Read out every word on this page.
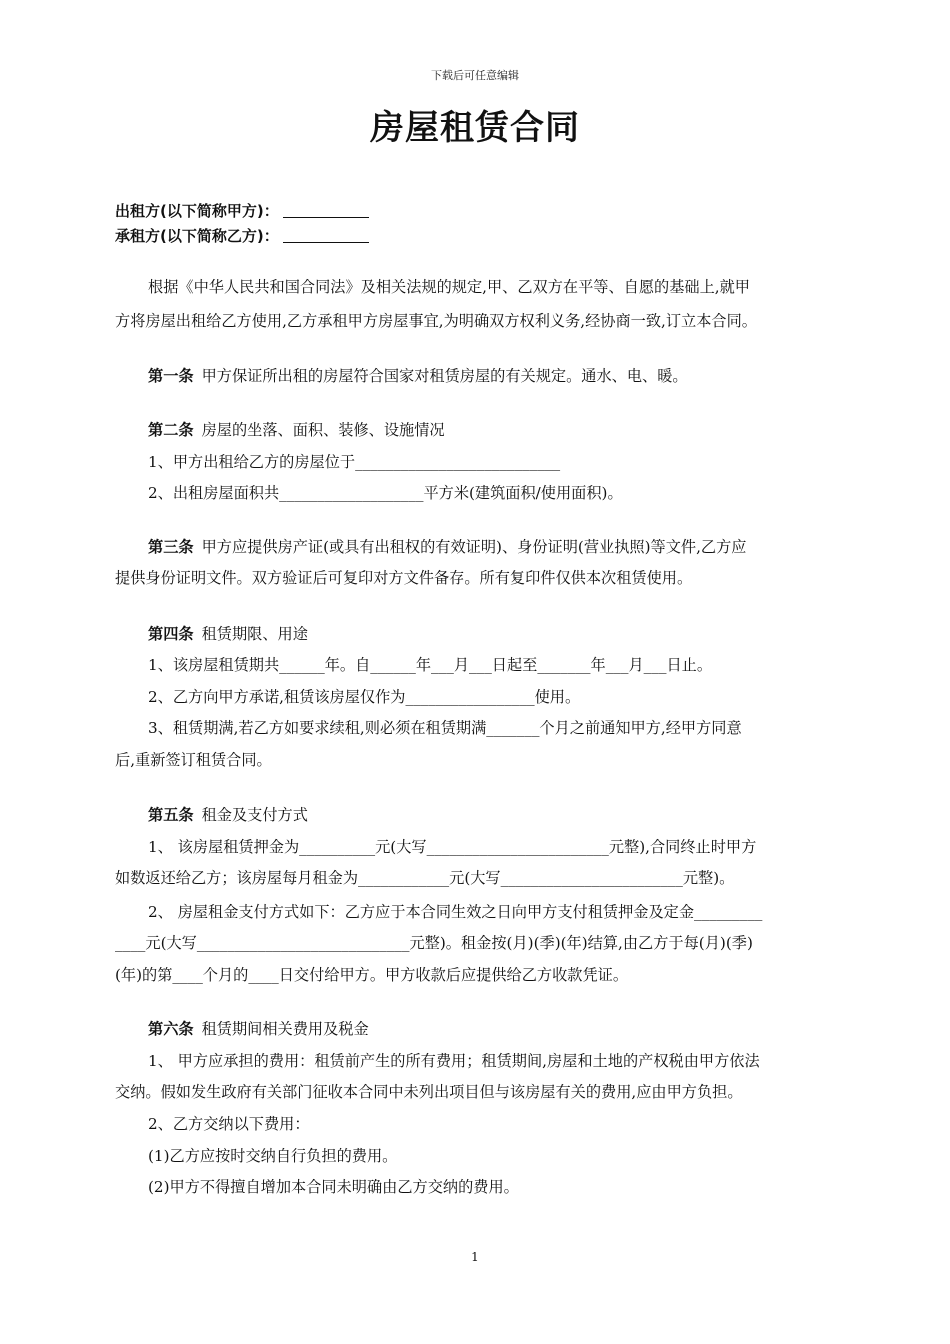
下载后可任意编辑
房屋租赁合同
出租方(以下简称甲方)：
承租方(以下简称乙方)：
根据《中华人民共和国合同法》及相关法规的规定,甲、乙双方在平等、自愿的基础上,就甲
方将房屋出租给乙方使用,乙方承租甲方房屋事宜,为明确双方权利义务,经协商一致,订立本合同。
第一条 甲方保证所出租的房屋符合国家对租赁房屋的有关规定。通水、电、暖。
第二条 房屋的坐落、面积、装修、设施情况
1、甲方出租给乙方的房屋位于___________________________
2、出租房屋面积共___________________平方米(建筑面积/使用面积)。
第三条 甲方应提供房产证(或具有出租权的有效证明)、身份证明(营业执照)等文件,乙方应
提供身份证明文件。双方验证后可复印对方文件备存。所有复印件仅供本次租赁使用。
第四条 租赁期限、用途
1、该房屋租赁期共______年。自______年___月___日起至_______年___月___日止。
2、乙方向甲方承诺,租赁该房屋仅作为_________________使用。
3、租赁期满,若乙方如要求续租,则必须在租赁期满_______个月之前通知甲方,经甲方同意
后,重新签订租赁合同。
第五条 租金及支付方式
1、 该房屋租赁押金为__________元(大写________________________元整),合同终止时甲方
如数返还给乙方；该房屋每月租金为____________元(大写________________________元整)。
2、 房屋租金支付方式如下：乙方应于本合同生效之日向甲方支付租赁押金及定金_________
____元(大写____________________________元整)。租金按(月)(季)(年)结算,由乙方于每(月)(季)
(年)的第____个月的____日交付给甲方。甲方收款后应提供给乙方收款凭证。
第六条 租赁期间相关费用及税金
1、 甲方应承担的费用：租赁前产生的所有费用；租赁期间,房屋和土地的产权税由甲方依法
交纳。假如发生政府有关部门征收本合同中未列出项目但与该房屋有关的费用,应由甲方负担。
2、乙方交纳以下费用：
(1)乙方应按时交纳自行负担的费用。
(2)甲方不得擅自增加本合同未明确由乙方交纳的费用。
1
